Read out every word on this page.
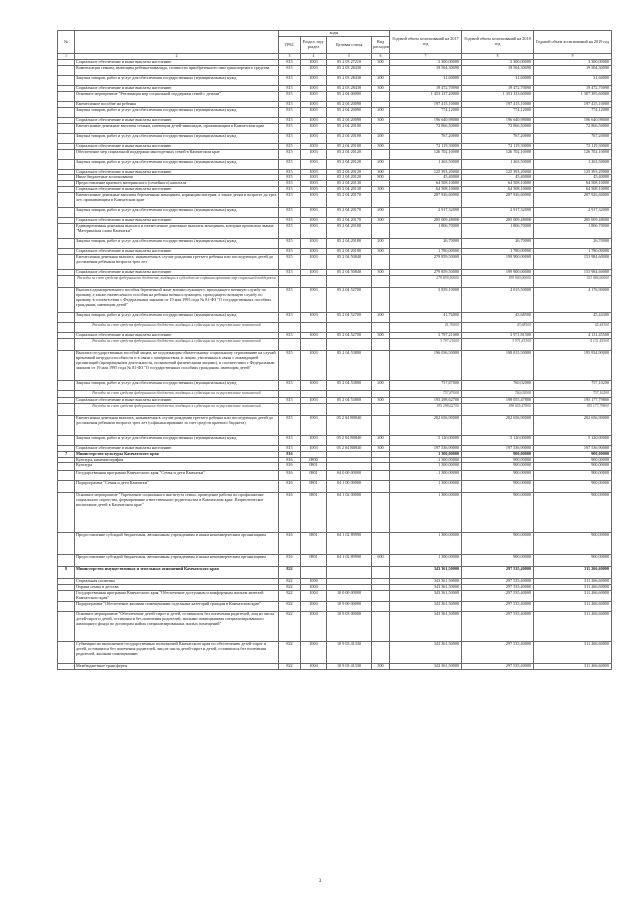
№		коды				Годовой объем ассигнований на 2017 год	Годовой объем ассигнований на 2018 год	Годовой объем ассигнований на 2019 год
		ГРБС	Раздел, под-раздел	Целевая статья	Вид расходов			
1	2	3	4	5	6	7	8	9
	Социальное обеспечение и иные выплаты населению	815	1003	05 2 03 27210	300	3 300,00000	3 300,00000	3 300,00000
	Компенсация семьям, имеющим ребенка-инвалида, стоимости приобретенного ими транспортного средства	815	1003	05 2 03 28430		19 504,30090	19 504,30090	19 504,30090
	Закупка товаров, работ и услуг для обеспечения государственных (муниципальных) нужд	815	1003	05 2 03 28430	200	31,60000	31,60000	31,60000
	Социальное обеспечение и иные выплаты населению	815	1003	05 2 03 28430	300	19 472,70090	19 472,70090	19 472,70090
	Основное мероприятие "Реализация мер социальной поддержки семей с детьми"	815	1003	05 2 04 00000		1 453 137,20000	1 351 133,60000	1 307 395,60000
	Ежемесячное пособие на ребенка	815	1003	05 2 04 20090		197 415,10000	197 415,10000	197 415,10000
	Закупка товаров, работ и услуг для обеспечения государственных (муниципальных) нужд	815	1003	05 2 04 20090	200	774,12000	774,12000	774,12000
	Социальное обеспечение и иные выплаты населению	815	1003	05 2 04 20090	300	196 640,98000	196 640,98000	196 640,98000
	Ежемесячные денежные выплаты семьям, имеющим детей-инвалидов, проживающим в Камчатском крае	815	1003	05 2 04 20100		72 866,50000	72 866,50000	72 866,50000
	Закупка товаров, работ и услуг для обеспечения государственных (муниципальных) нужд	815	1003	05 2 04 20100	200	767,20000	767,20000	767,20000
	Социальное обеспечение и иные выплаты населению	815	1003	05 2 04 20100	300	72 119,30000	72 119,30000	72 119,30000
	Обеспечение мер социальной поддержки многодетных семей в Камчатском крае	815	1003	05 2 04 20120		126 702,10000	126 702,10000	126 702,10000
	Закупка товаров, работ и услуг для обеспечения государственных (муниципальных) нужд	815	1003	05 2 04 20120	200	1 263,50000	1 263,50000	1 263,50000
	Социальное обеспечение и иные выплаты населению	815	1003	05 2 04 20120	300	125 393,20000	125 393,20000	125 393,20000
	Иные бюджетные ассигнования	815	1003	05 2 04 20120	800	45,40000	45,40000	45,40000
	Предоставление краевого материнского (семейного) капитала	815	1003	05 2 04 20130		64 508,10000	64 508,10000	64 508,10000
	Социальное обеспечение и иные выплаты населению	815	1003	05 2 04 20130	300	64 508,10000	64 508,10000	64 508,10000
	Ежемесячные денежные выплаты беременным женщинам, кормящим матерям, а также детям в возрасте до трех лет, проживающим в Камчатском крае	815	1003	05 2 04 20170		287 926,60000	287 926,60000	287 926,60000
	Закупка товаров, работ и услуг для обеспечения государственных (муниципальных) нужд	815	1003	05 2 04 20170	200	2 917,32000	2 917,32000	2 917,32000
	Социальное обеспечение и иные выплаты населению	815	1003	05 2 04 20170	300	285 009,48000	285 009,48000	285 009,48000
	Единовременная денежная выплата и ежемесячные денежные выплаты женщинам, которым присвоено звание "Материнская слава Камчатки"	815	1003	05 2 04 20180		1 806,70000	1 806,70000	1 806,70000
	Закупка товаров, работ и услуг для обеспечения государственных (муниципальных) нужд	815	1003	05 2 04 20180	200	26,70000	26,70000	26,70000
	Социальное обеспечение и иные выплаты населению	815	1003	05 2 04 20180	300	1 780,00000	1 780,00000	1 780,00000
	Ежемесячная денежная выплата, назначаемая в случае рождения третьего ребенка или последующих детей до достижения ребенком возраста трех лет	815	1003	05 2 04 50840		279 859,50000	199 900,00000	153 984,60000
	Социальное обеспечение и иные выплаты населению	815	1003	05 2 04 50840	300	279 859,50000	199 900,00000	153 984,60000
	Расходы за счет средств федерального бюджета, входящих в субсидию на софинансирование мер социальной поддержки					279 859,50000	199 900,00000	153 984,60000
	Выплата единовременного пособия беременной жене военнослужащего, проходящего военную службу по призыву, а также ежемесячного пособия на ребенка военнослужащего, проходящего военную службу по призыву, в соответствии с Федеральным законом от 19 мая 1995 года № 81-ФЗ "О государственных пособиях гражданам, имеющим детей"	815	1003	05 2 04 52700		3 839,10000	4 015,50000	4 176,90000
	Закупка товаров, работ и услуг для обеспечения государственных (муниципальных) нужд	815	1003	05 2 04 52700	200	41,76000	43,68500	45,44300
	Расходы за счет средств федерального бюджета, входящих в субвенции на осуществление полномочий					41,76000	43,68500	45,44300
	Социальное обеспечение и иные выплаты населению	815	1003	05 2 04 52700	300	3 797,21000	3 971,81500	4 131,45500
	Расходы за счет средств федерального бюджета, входящих в субвенции на осуществление полномочий					3 797,21000	3 971,81500	4 131,45500
	Выплата государственных пособий лицам, не подлежащим обязательному социальному страхованию на случай временной нетрудоспособности и в связи с материнством, и лицам, уволенным в связи с ликвидацией организаций (прекращением деятельности, полномочий физическими лицами), в соответствии с Федеральным законом от 19 мая 1995 года № 81-ФЗ "О государственных пособиях гражданам, имеющим детей"	815	1003	05 2 04 53800		196 036,50000	198 815,50000	195 934,90000
	Закупка товаров, работ и услуг для обеспечения государственных (муниципальных) нужд	815	1003	05 2 04 53800	200	757,87000	760,02000	757,10200
	Расходы за счет средств федерального бюджета, входящих в субвенции на осуществление полномочий					757,87000	760,02000	757,10200
	Социальное обеспечение и иные выплаты населению	815	1003	05 2 04 53800	300	195 298,62700	198 055,47800	195 177,79800
	Расходы за счет средств федерального бюджета, входящих в субвенции на осуществление полномочий					195 298,62700	198 055,47800	195 177,79800
	Ежемесячная денежная выплата, назначаемая в случае рождения третьего ребенка или последующих детей до достижения ребенком возраста трех лет (софинансирование за счет средств краевого бюджета)	815	1003	05 2 04 R0840		202 656,90000	202 656,90000	202 656,90000
	Закупка товаров, работ и услуг для обеспечения государственных (муниципальных) нужд	815	1003	05 2 04 R0840	200	5 120,00000	5 120,00000	5 120,00000
	Социальное обеспечение и иные выплаты населению	815	1003	05 2 04 R0840	300	197 536,90000	197 536,90000	197 536,90000
7	Министерство культуры Камчатского края	816				1 300,00000	900,00000	900,00000
	Культура, кинематография	816	0800			1 300,00000	900,00000	900,00000
	Культура	816	0801			1 300,00000	900,00000	900,00000
	Государственная программа Камчатского края "Семья и дети Камчатки"	816	0801	04 0 00 00000		1 300,00000	900,00000	900,00000
	Подпрограмма "Семья и дети Камчатки"	816	0801	04 1 00 00000		1 300,00000	900,00000	900,00000
	Основное мероприятие "Укрепление социального института семьи, проведение работы по профилактике социального сиротства, формирование ответственного родительства в Камчатском крае. Патриотическое воспитание детей в Камчатском крае"	816	0801	04 1 02 00000		1 300,00000	900,00000	900,00000
	Предоставление субсидий бюджетным, автономным учреждениям и иным некоммерческим организациям	816	0801	04 1 02 89990		1 300,00000	900,00000	900,00000
	Предоставление субсидий бюджетным, автономным учреждениям и иным некоммерческим организациям	816	0801	04 1 02 89990	600	1 300,00000	900,00000	900,00000
8	Министерство имущественных и земельных отношений Камчатского края	822				343 361,50000	297 535,40000	311 266,60000
	Социальная политика	822	1000			343 361,50000	297 535,40000	311 266,60000
	Охрана семьи и детства	822	1004			343 361,50000	297 535,40000	311 266,60000
	Государственная программа Камчатского края "Обеспечение доступным и комфортным жильем жителей Камчатского края"	822	1004	10 0 00 00000		343 361,50000	297 535,40000	311 266,60000
	Подпрограмма "Обеспечение жилыми помещениями отдельных категорий граждан в Камчатском крае"	822	1004	10 9 00 00000		343 361,50000	297 535,40000	311 266,60000
	Основное мероприятие "Обеспечение детей-сирот и детей, оставшихся без попечения родителей, лиц из числа детей-сирот и детей, оставшихся без попечения родителей, жилыми помещениями специализированного жилищного фонда по договорам найма специализированных жилых помещений"	822	1004	10 9 03 00000		343 361,50000	297 535,40000	311 266,60000
	Субвенции на выполнение государственных полномочий Камчатского края по обеспечению детей-сирот и детей, оставшихся без попечения родителей, лиц из числа детей-сирот и детей, оставшихся без попечения родителей, жилыми помещениями	822	1004	10 9 03 41330		343 361,50000	297 535,40000	311 266,60000
	Межбюджетные трансферты	822	1004	10 9 03 41330	500	343 361,50000	297 535,40000	311 266,60000
3
